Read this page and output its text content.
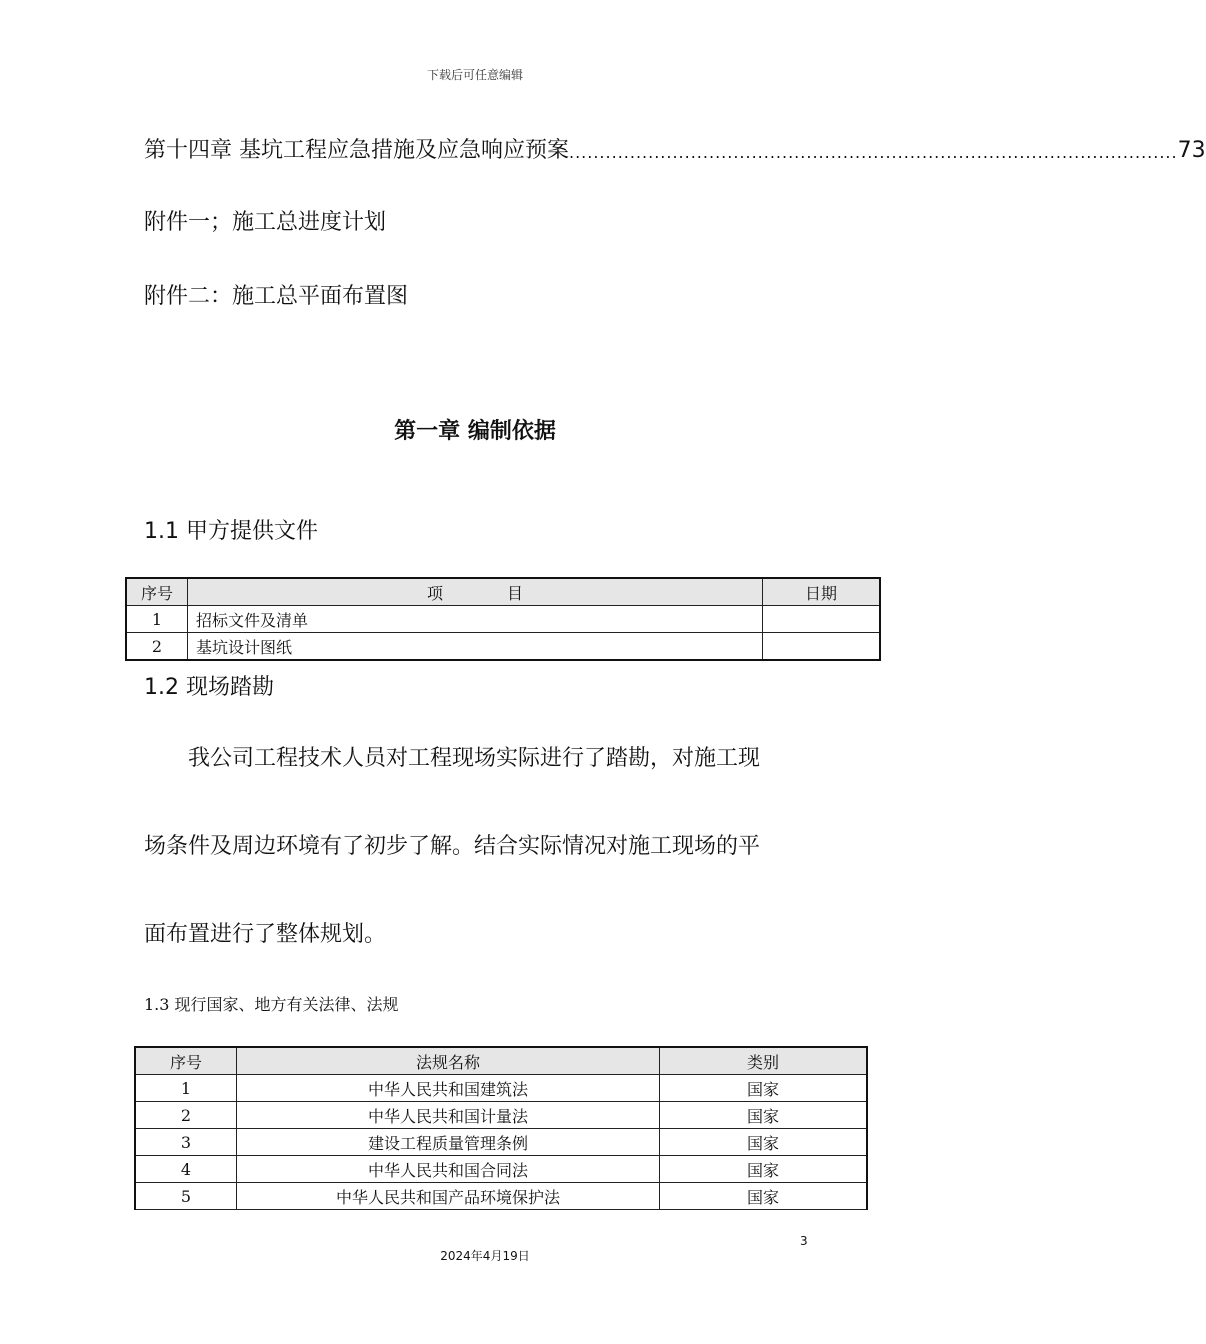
下载后可任意编辑
第十四章 基坑工程应急措施及应急响应预案 .................................................................................................... 73
附件一；施工总进度计划
附件二：施工总平面布置图
第一章 编制依据
1.1 甲方提供文件
序号	项　　　　目	日期
1	招标文件及清单	
2	基坑设计图纸	
1.2 现场踏勘
　　我公司工程技术人员对工程现场实际进行了踏勘，对施工现
场条件及周边环境有了初步了解。结合实际情况对施工现场的平
面布置进行了整体规划。
1.3 现行国家、地方有关法律、法规
序号	法规名称	类别
1	中华人民共和国建筑法	国家
2	中华人民共和国计量法	国家
3	建设工程质量管理条例	国家
4	中华人民共和国合同法	国家
5	中华人民共和国产品环境保护法	国家
3
2024年4月19日
